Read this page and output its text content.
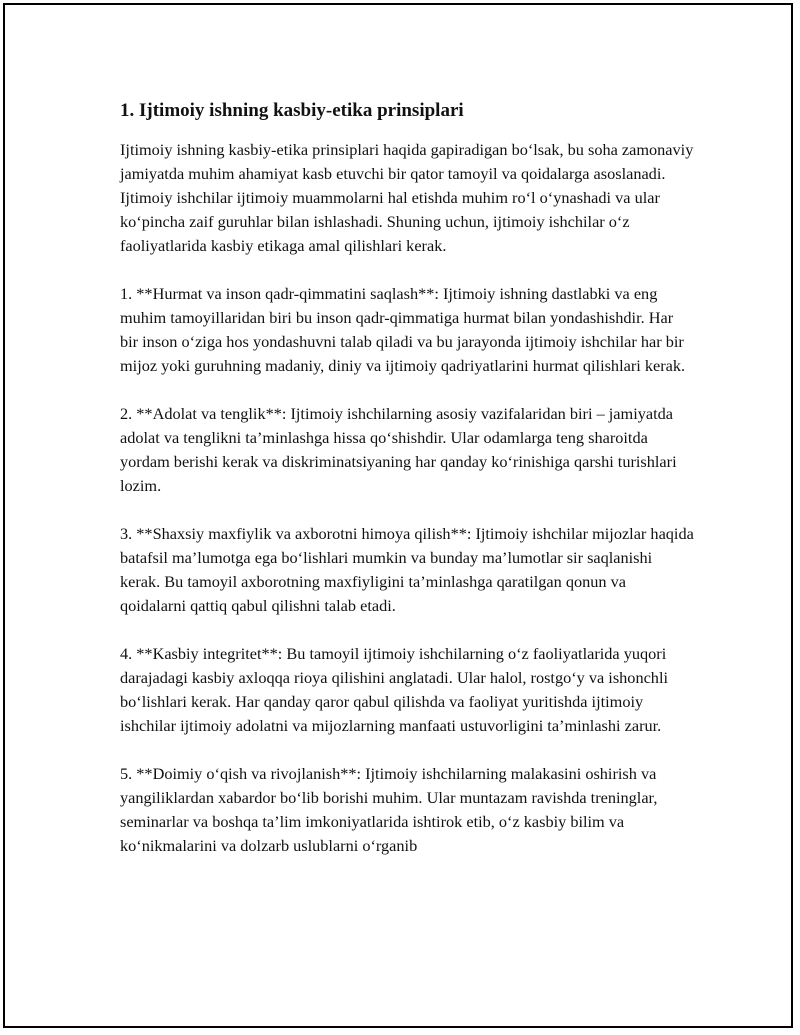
1. Ijtimoiy ishning kasbiy-etika prinsiplari

Ijtimoiy ishning kasbiy-etika prinsiplari haqida gapiradigan bo‘lsak, bu soha zamonaviy jamiyatda muhim ahamiyat kasb etuvchi bir qator tamoyil va qoidalarga asoslanadi. Ijtimoiy ishchilar ijtimoiy muammolarni hal etishda muhim ro‘l o‘ynashadi va ular ko‘pincha zaif guruhlar bilan ishlashadi. Shuning uchun, ijtimoiy ishchilar o‘z faoliyatlarida kasbiy etikaga amal qilishlari kerak.

1. **Hurmat va inson qadr-qimmatini saqlash**: Ijtimoiy ishning dastlabki va eng muhim tamoyillaridan biri bu inson qadr-qimmatiga hurmat bilan yondashishdir. Har bir inson o‘ziga hos yondashuvni talab qiladi va bu jarayonda ijtimoiy ishchilar har bir mijoz yoki guruhning madaniy, diniy va ijtimoiy qadriyatlarini hurmat qilishlari kerak.

2. **Adolat va tenglik**: Ijtimoiy ishchilarning asosiy vazifalaridan biri – jamiyatda adolat va tenglikni ta’minlashga hissa qo‘shishdir. Ular odamlarga teng sharoitda yordam berishi kerak va diskriminatsiyaning har qanday ko‘rinishiga qarshi turishlari lozim.

3. **Shaxsiy maxfiylik va axborotni himoya qilish**: Ijtimoiy ishchilar mijozlar haqida batafsil ma’lumotga ega bo‘lishlari mumkin va bunday ma’lumotlar sir saqlanishi kerak. Bu tamoyil axborotning maxfiyligini ta’minlashga qaratilgan qonun va qoidalarni qattiq qabul qilishni talab etadi.

4. **Kasbiy integritet**: Bu tamoyil ijtimoiy ishchilarning o‘z faoliyatlarida yuqori darajadagi kasbiy axloqqa rioya qilishini anglatadi. Ular halol, rostgo‘y va ishonchli bo‘lishlari kerak. Har qanday qaror qabul qilishda va faoliyat yuritishda ijtimoiy ishchilar ijtimoiy adolatni va mijozlarning manfaati ustuvorligini ta’minlashi zarur.

5. **Doimiy o‘qish va rivojlanish**: Ijtimoiy ishchilarning malakasini oshirish va yangiliklardan xabardor bo‘lib borishi muhim. Ular muntazam ravishda treninglar, seminarlar va boshqa ta’lim imkoniyatlarida ishtirok etib, o‘z kasbiy bilim va ko‘nikmalarini va dolzarb uslublarni o‘rganib
